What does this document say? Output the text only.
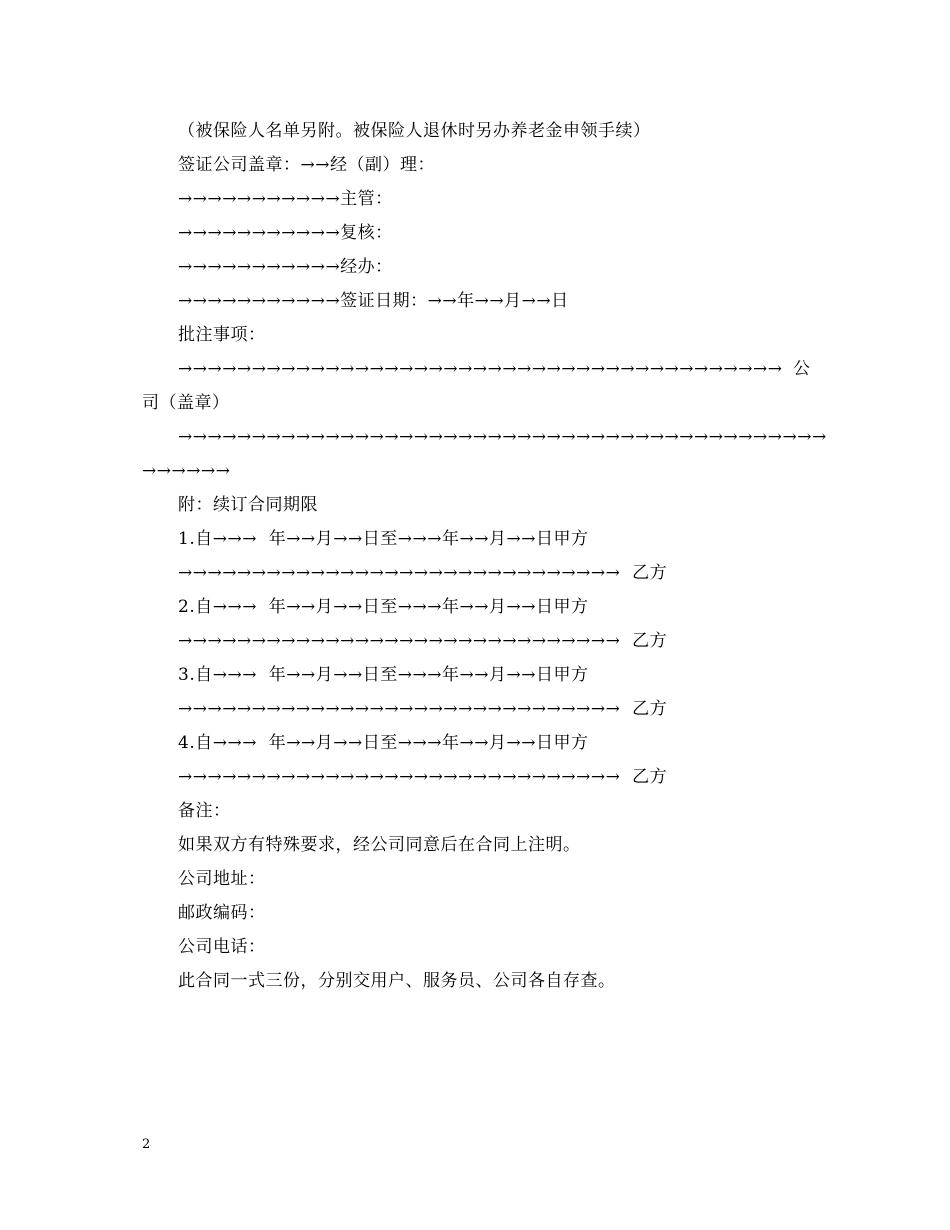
（被保险人名单另附。被保险人退休时另办养老金申领手续）
签证公司盖章：→→经（副）理：
→→→→→→→→→→→主管：
→→→→→→→→→→→复核：
→→→→→→→→→→→经办：
→→→→→→→→→→→签证日期：→→年→→月→→日
批注事项：
→→→→→→→→→→→→→→→→→→→→→→→→→→→→→→→→→→→→→→→→→ 公
司（盖章）
→→→→→→→→→→→→→→→→→→→→→→→→→→→→→→→→→→→→→→→→→→→→
→→→→→→
附：续订合同期限
1.自→→→  年→→月→→日至→→→年→→月→→日甲方
→→→→→→→→→→→→→→→→→→→→→→→→→→→→→→  乙方
2.自→→→  年→→月→→日至→→→年→→月→→日甲方
→→→→→→→→→→→→→→→→→→→→→→→→→→→→→→  乙方
3.自→→→  年→→月→→日至→→→年→→月→→日甲方
→→→→→→→→→→→→→→→→→→→→→→→→→→→→→→  乙方
4.自→→→  年→→月→→日至→→→年→→月→→日甲方
→→→→→→→→→→→→→→→→→→→→→→→→→→→→→→  乙方
备注：
如果双方有特殊要求，经公司同意后在合同上注明。
公司地址：
邮政编码：
公司电话：
此合同一式三份，分别交用户、服务员、公司各自存查。
2
